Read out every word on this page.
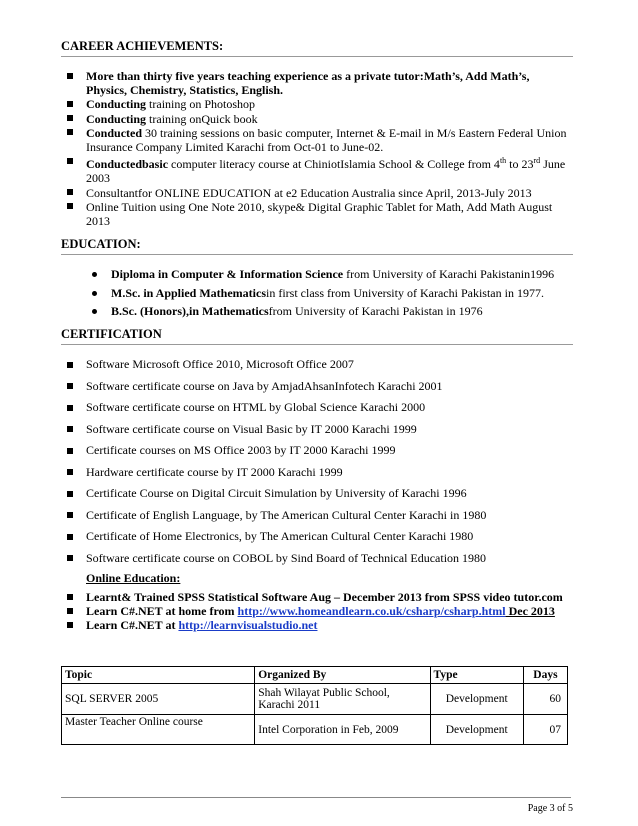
CAREER ACHIEVEMENTS:
More than thirty five years teaching experience as a private tutor:Math’s, Add Math’s, Physics, Chemistry, Statistics, English.
Conducting training on Photoshop
Conducting training onQuick book
Conducted 30 training sessions on basic computer, Internet & E-mail in M/s Eastern Federal Union Insurance Company Limited Karachi from Oct-01 to June-02.
Conductedbasic computer literacy course at ChiniotIslamia School & College from 4th to 23rd June 2003
Consultantfor ONLINE EDUCATION at e2 Education Australia since April, 2013-July 2013
Online Tuition using One Note 2010, skype& Digital Graphic Tablet for Math, Add Math August 2013
EDUCATION:
Diploma in Computer & Information Science from University of Karachi Pakistanin1996
M.Sc. in Applied Mathematicsin first class from University of Karachi Pakistan in 1977.
B.Sc. (Honors),in Mathematicsfrom University of Karachi Pakistan in 1976
CERTIFICATION
Software Microsoft Office 2010, Microsoft Office 2007
Software certificate course on Java by AmjadAhsanInfotech Karachi 2001
Software certificate course on HTML by Global Science Karachi 2000
Software certificate course on Visual Basic by IT 2000 Karachi 1999
Certificate courses on MS Office 2003 by IT 2000 Karachi 1999
Hardware certificate course by IT 2000 Karachi 1999
Certificate Course on Digital Circuit Simulation by University of Karachi 1996
Certificate of English Language, by The American Cultural Center Karachi in 1980
Certificate of Home Electronics, by The American Cultural Center Karachi 1980
Software certificate course on COBOL by Sind Board of Technical Education 1980
Online Education:
Learnt& Trained SPSS Statistical Software Aug – December 2013 from SPSS video tutor.com
Learn C#.NET at home from http://www.homeandlearn.co.uk/csharp/csharp.html Dec 2013
Learn C#.NET at http://learnvisualstudio.net
Topic	Organized By	Type	Days
SQL SERVER 2005	Shah Wilayat Public School, Karachi 2011	Development	60
Master Teacher Online course	Intel Corporation in Feb, 2009	Development	07
Page 3 of 5
